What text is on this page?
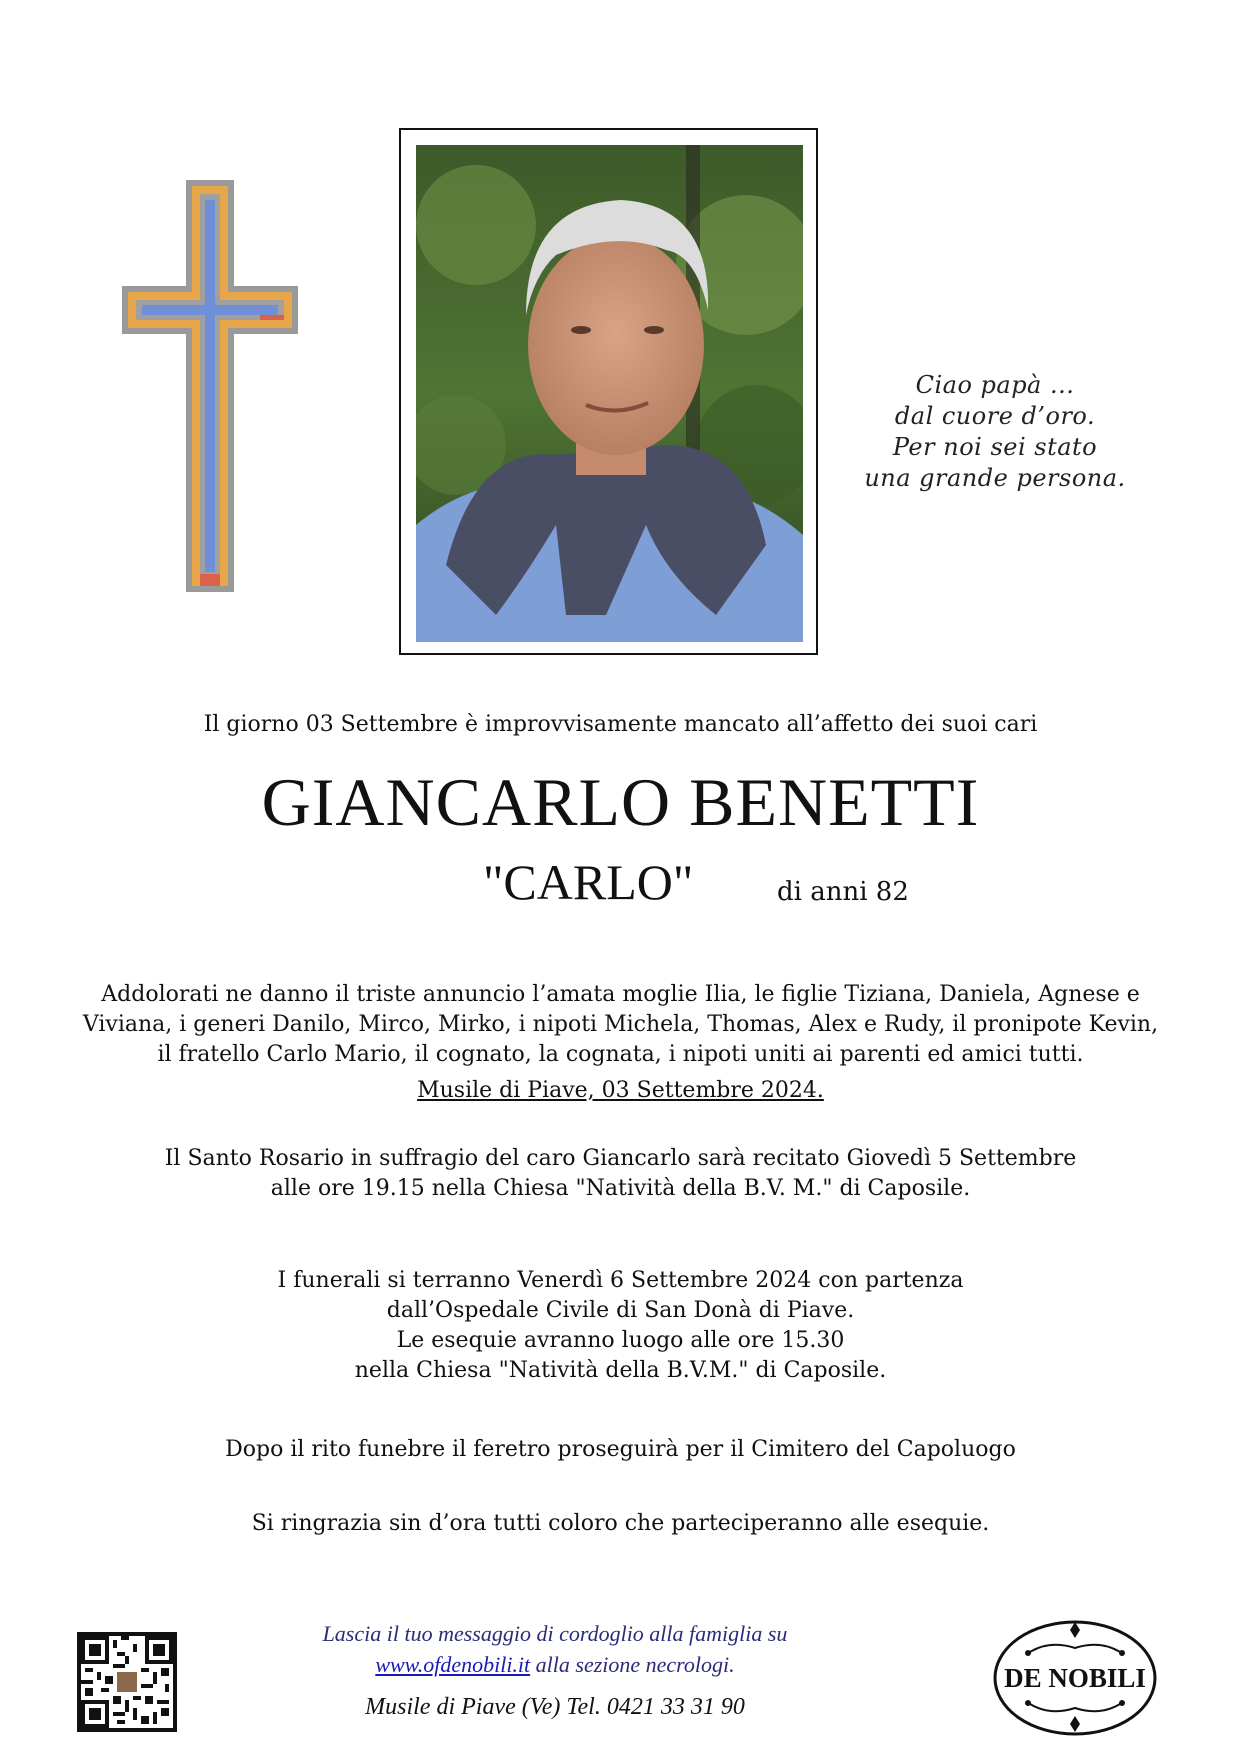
Ciao papà ...
dal cuore d’oro.
Per noi sei stato
una grande persona.
Il giorno 03 Settembre è improvvisamente mancato all’affetto dei suoi cari
GIANCARLO BENETTI
"CARLO"	di anni 82
Addolorati ne danno il triste annuncio l’amata moglie Ilia, le figlie Tiziana, Daniela, Agnese e
Viviana, i generi Danilo, Mirco, Mirko, i nipoti Michela, Thomas, Alex e Rudy, il pronipote Kevin,
il fratello Carlo Mario, il cognato, la cognata, i nipoti uniti ai parenti ed amici tutti.
Musile di Piave, 03 Settembre 2024.
Il Santo Rosario in suffragio del caro Giancarlo sarà recitato Giovedì 5 Settembre
alle ore 19.15 nella Chiesa "Natività della B.V. M." di Caposile.
I funerali si terranno Venerdì 6 Settembre 2024 con partenza
dall’Ospedale Civile di San Donà di Piave.
Le esequie avranno luogo alle ore 15.30
nella Chiesa "Natività della B.V.M." di Caposile.
Dopo il rito funebre il feretro proseguirà per il Cimitero del Capoluogo
Si ringrazia sin d’ora tutti coloro che parteciperanno alle esequie.
Lascia il tuo messaggio di cordoglio alla famiglia su
www.ofdenobili.it alla sezione necrologi.
Musile di Piave (Ve) Tel. 0421 33 31 90
DE NOBILI
